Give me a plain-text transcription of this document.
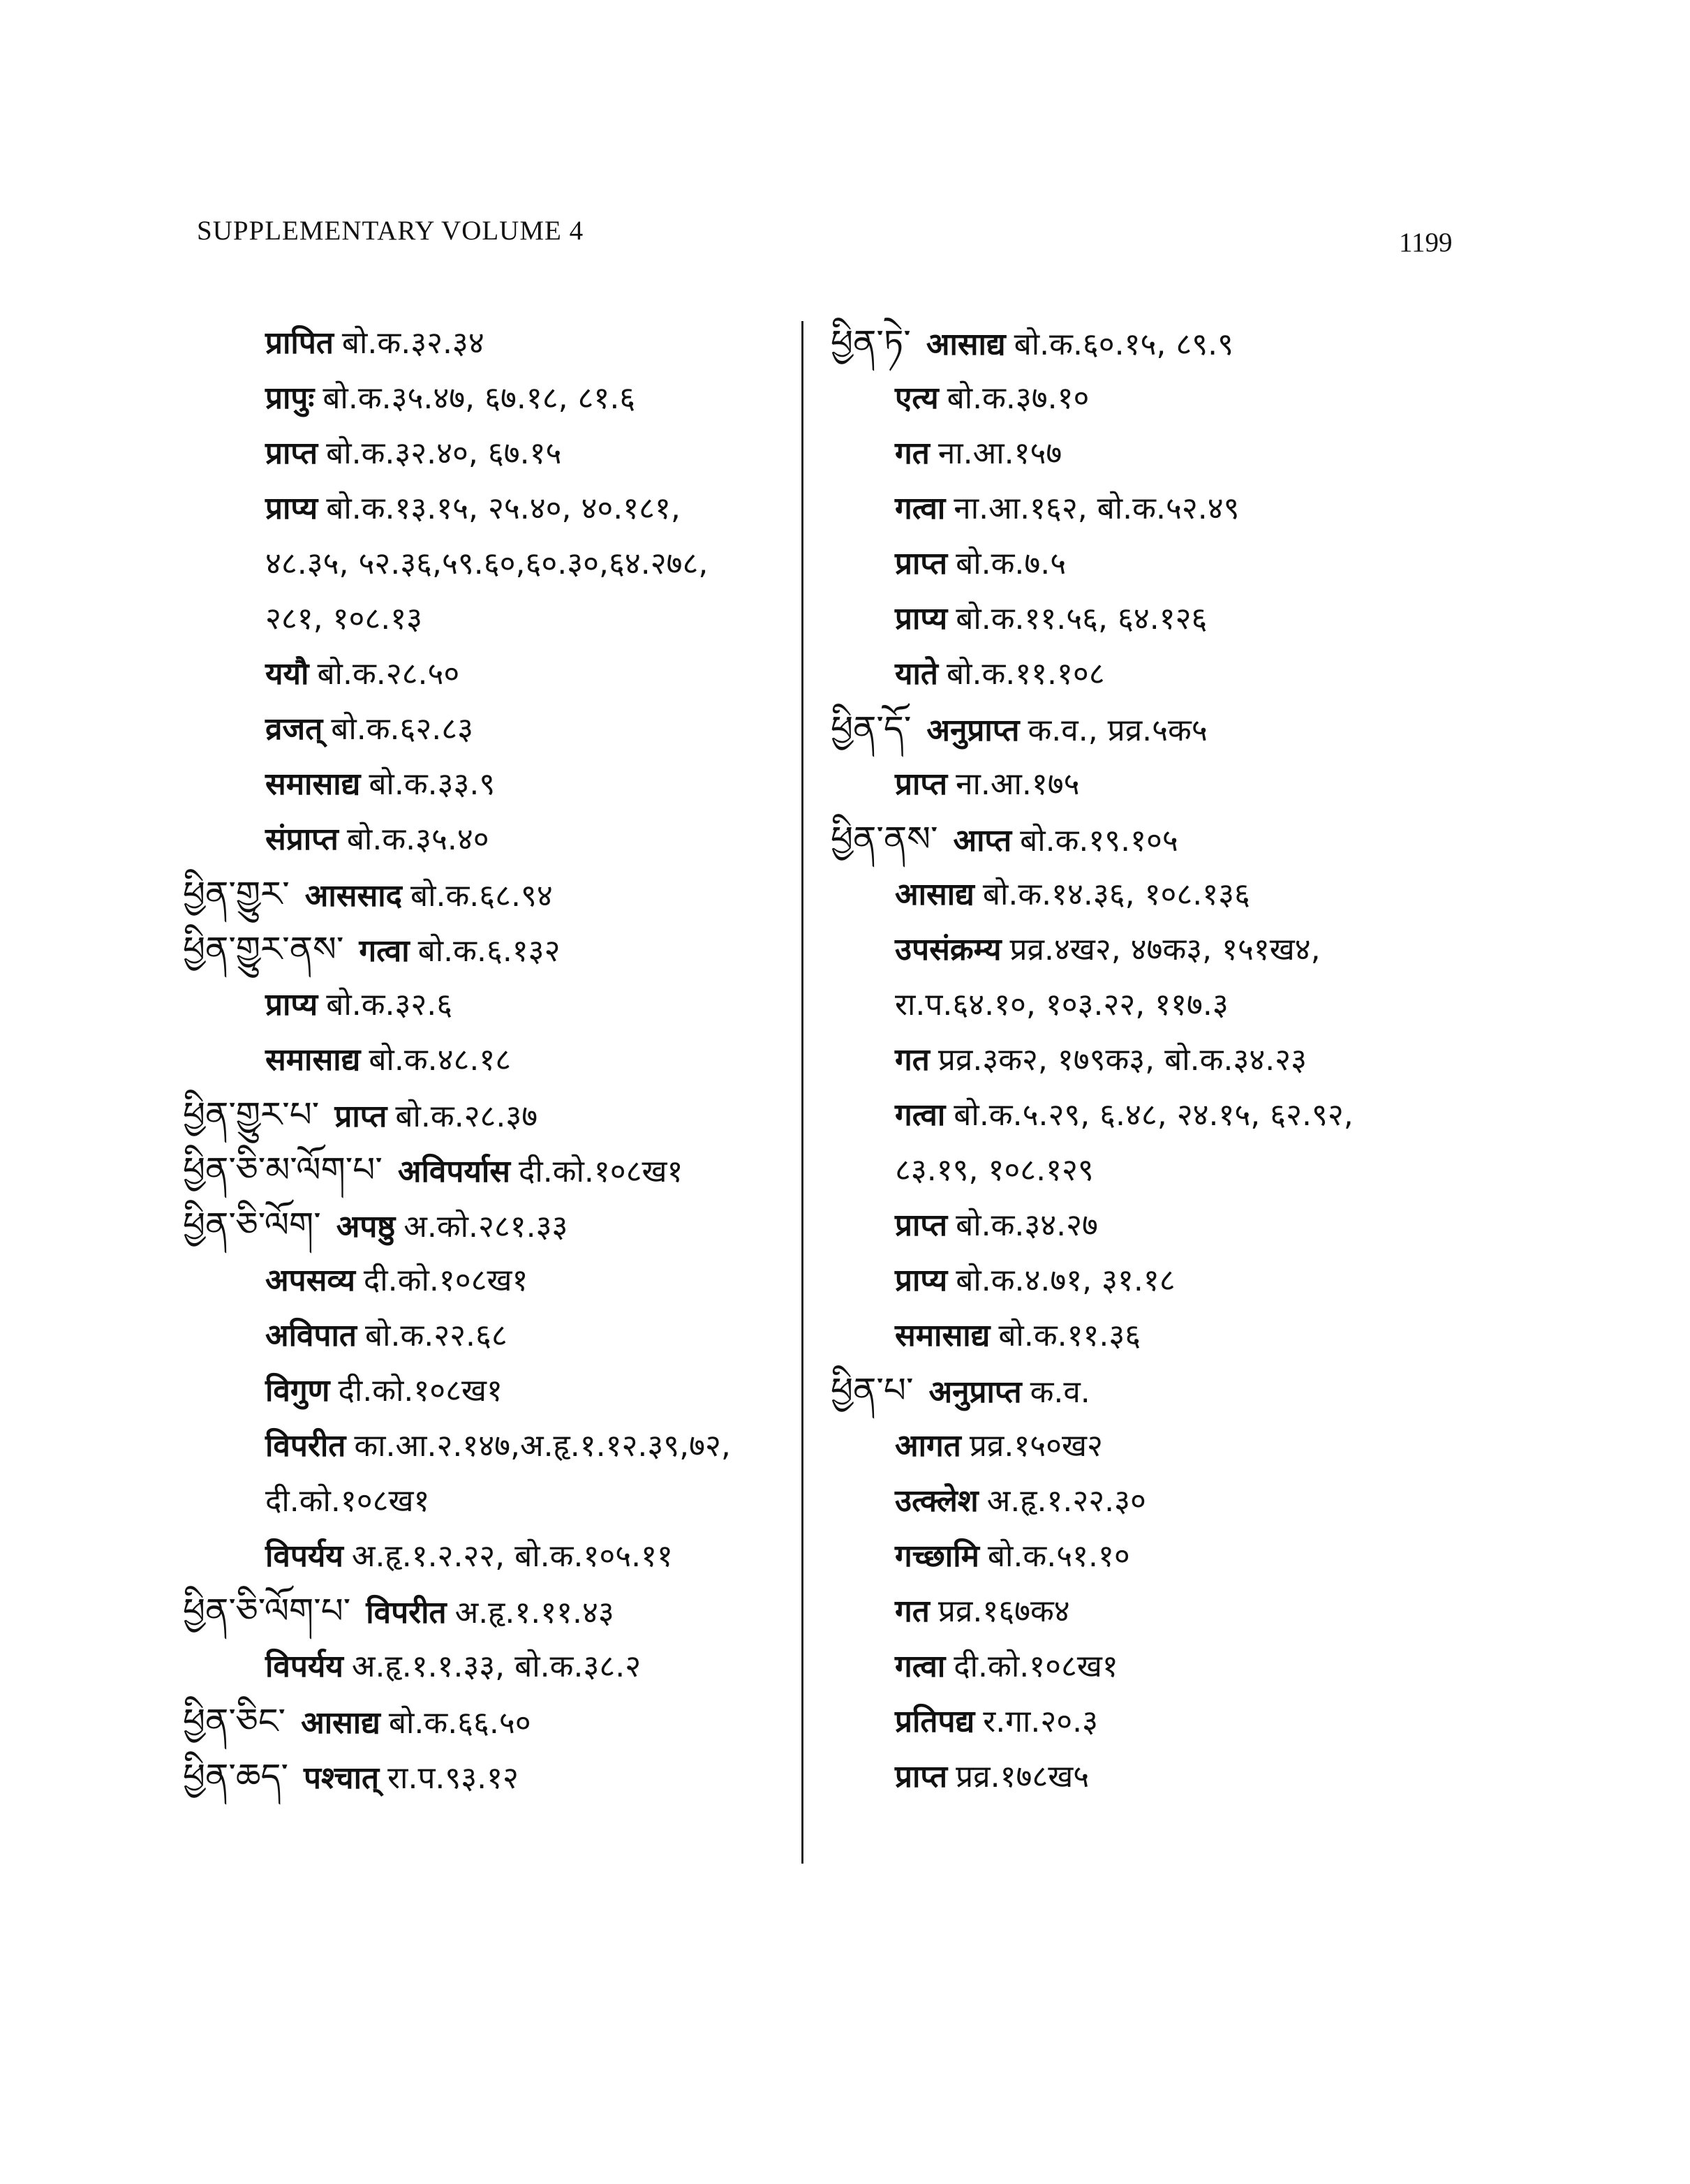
SUPPLEMENTARY VOLUME 4	1199
प्रापित बो.क.३२.३४
प्रापुः बो.क.३५.४७, ६७.१८, ८१.६
प्राप्त बो.क.३२.४०, ६७.१५
प्राप्य बो.क.१३.१५, २५.४०, ४०.१८१,
४८.३५, ५२.३६,५९.६०,६०.३०,६४.२७८,
२८१, १०८.१३
ययौ बो.क.२८.५०
व्रजत् बो.क.६२.८३
समासाद्य बो.क.३३.९
संप्राप्त बो.क.३५.४०
ཕྱིན་གྱུར་ आससाद बो.क.६८.९४
ཕྱིན་གྱུར་ནས་ गत्वा बो.क.६.१३२
प्राप्य बो.क.३२.६
समासाद्य बो.क.४८.१८
ཕྱིན་གྱུར་པ་ प्राप्त बो.क.२८.३७
ཕྱིན་ཅི་མ་ལོག་པ་ अविपर्यास दी.को.१०८ख१
ཕྱིན་ཅི་ལོག་ अपष्ठु अ.को.२८१.३३
अपसव्य दी.को.१०८ख१
अविपात बो.क.२२.६८
विगुण दी.को.१०८ख१
विपरीत का.आ.२.१४७,अ.हृ.१.१२.३९,७२,
दी.को.१०८ख१
विपर्यय अ.हृ.१.२.२२, बो.क.१०५.११
ཕྱིན་ཅི་ལོག་པ་ विपरीत अ.हृ.१.११.४३
विपर्यय अ.हृ.१.१.३३, बो.क.३८.२
ཕྱིན་ཅིང་ आसाद्य बो.क.६६.५०
ཕྱིན་ཆད་ पश्चात् रा.प.९३.१२
ཕྱིན་ཏེ་ आसाद्य बो.क.६०.१५, ८९.९
एत्य बो.क.३७.१०
गत ना.आ.१५७
गत्वा ना.आ.१६२, बो.क.५२.४९
प्राप्त बो.क.७.५
प्राप्य बो.क.११.५६, ६४.१२६
याते बो.क.११.१०८
ཕྱིན་དོ་ अनुप्राप्त क.व., प्रव्र.५क५
प्राप्त ना.आ.१७५
ཕྱིན་ནས་ आप्त बो.क.१९.१०५
आसाद्य बो.क.१४.३६, १०८.१३६
उपसंक्रम्य प्रव्र.४ख२, ४७क३, १५१ख४,
रा.प.६४.१०, १०३.२२, ११७.३
गत प्रव्र.३क२, १७९क३, बो.क.३४.२३
गत्वा बो.क.५.२९, ६.४८, २४.१५, ६२.९२,
८३.१९, १०८.१२९
प्राप्त बो.क.३४.२७
प्राप्य बो.क.४.७१, ३१.१८
समासाद्य बो.क.११.३६
ཕྱིན་པ་ अनुप्राप्त क.व.
आगत प्रव्र.१५०ख२
उत्क्लेश अ.हृ.१.२२.३०
गच्छामि बो.क.५१.१०
गत प्रव्र.१६७क४
गत्वा दी.को.१०८ख१
प्रतिपद्य र.गा.२०.३
प्राप्त प्रव्र.१७८ख५
